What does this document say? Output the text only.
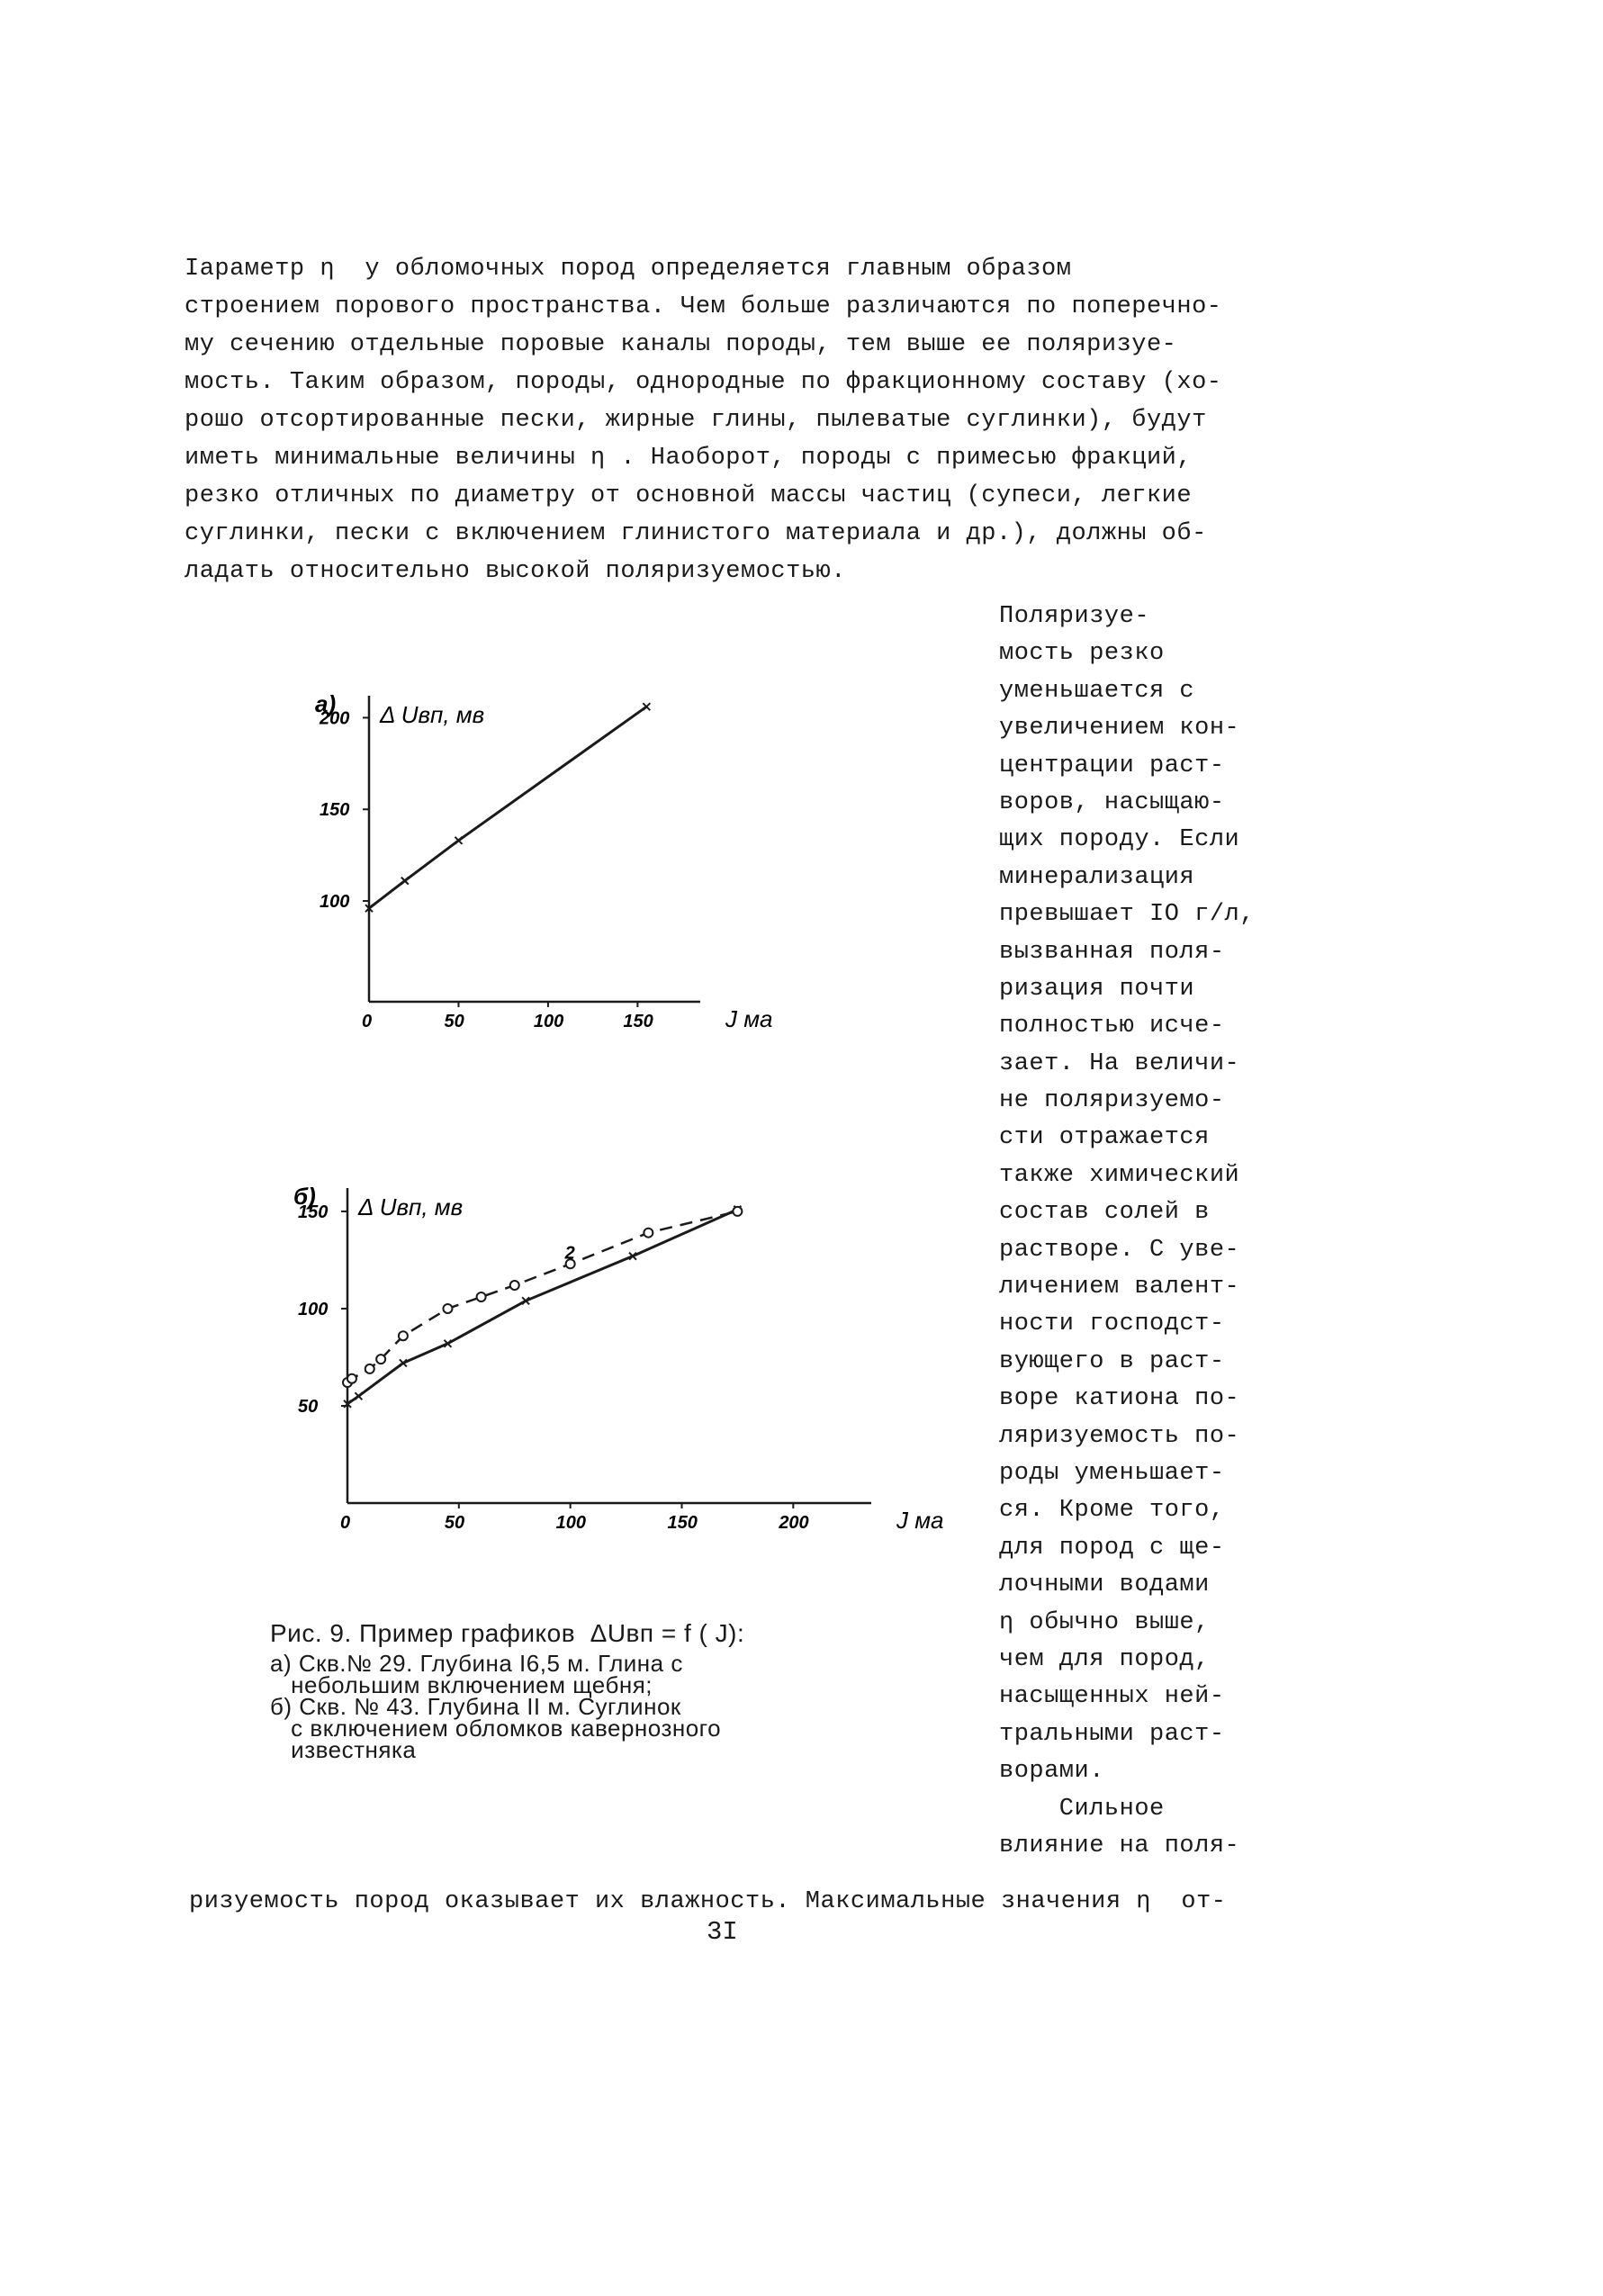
Iараметр η  у обломочных пород определяется главным образом

строением порового пространства. Чем больше различаются по поперечно-

му сечению отдельные поровые каналы породы, тем выше ее поляризуе-

мость. Таким образом, породы, однородные по фракционному составу (хо-

рошо отсортированные пески, жирные глины, пылеватые суглинки), будут

иметь минимальные величины η . Наоборот, породы с примесью фракций,

резко отличных по диаметру от основной массы частиц (супеси, легкие

суглинки, пески с включением глинистого материала и др.), должны об-

ладать относительно высокой поляризуемостью.

Поляризуе-

мость резко

уменьшается с

увеличением кон-

центрации раст-

воров, насыщаю-

щих породу. Если

минерализация

превышает IO г/л,

вызванная поля-

ризация почти

полностью исче-

зает. На величи-

не поляризуемо-

сти отражается

также химический

состав солей в

растворе. С уве-

личением валент-

ности господст-

вующего в раст-

воре катиона по-

ляризуемость по-

роды уменьшает-

ся. Кроме того,

для пород с ще-

лочными водами

η обычно выше,

чем для пород,

насыщенных ней-

тральными раст-

ворами.

Сильное

влияние на поля-

100
150
200
50	100	150
0	J ма
Δ Uвп, мв
а)
50
100
150
50	100	150	200
0	J ма
Δ Uвп, мв
б)
2

Рис. 9. Пример графиков  ΔUвп = f ( J):

а) Скв.№ 29. Глубина I6,5 м. Глина с

небольшим включением щебня;

б) Скв. № 43. Глубина II м. Суглинок

с включением обломков кавернозного

известняка

ризуемость пород оказывает их влажность. Максимальные значения η  от-

3I
